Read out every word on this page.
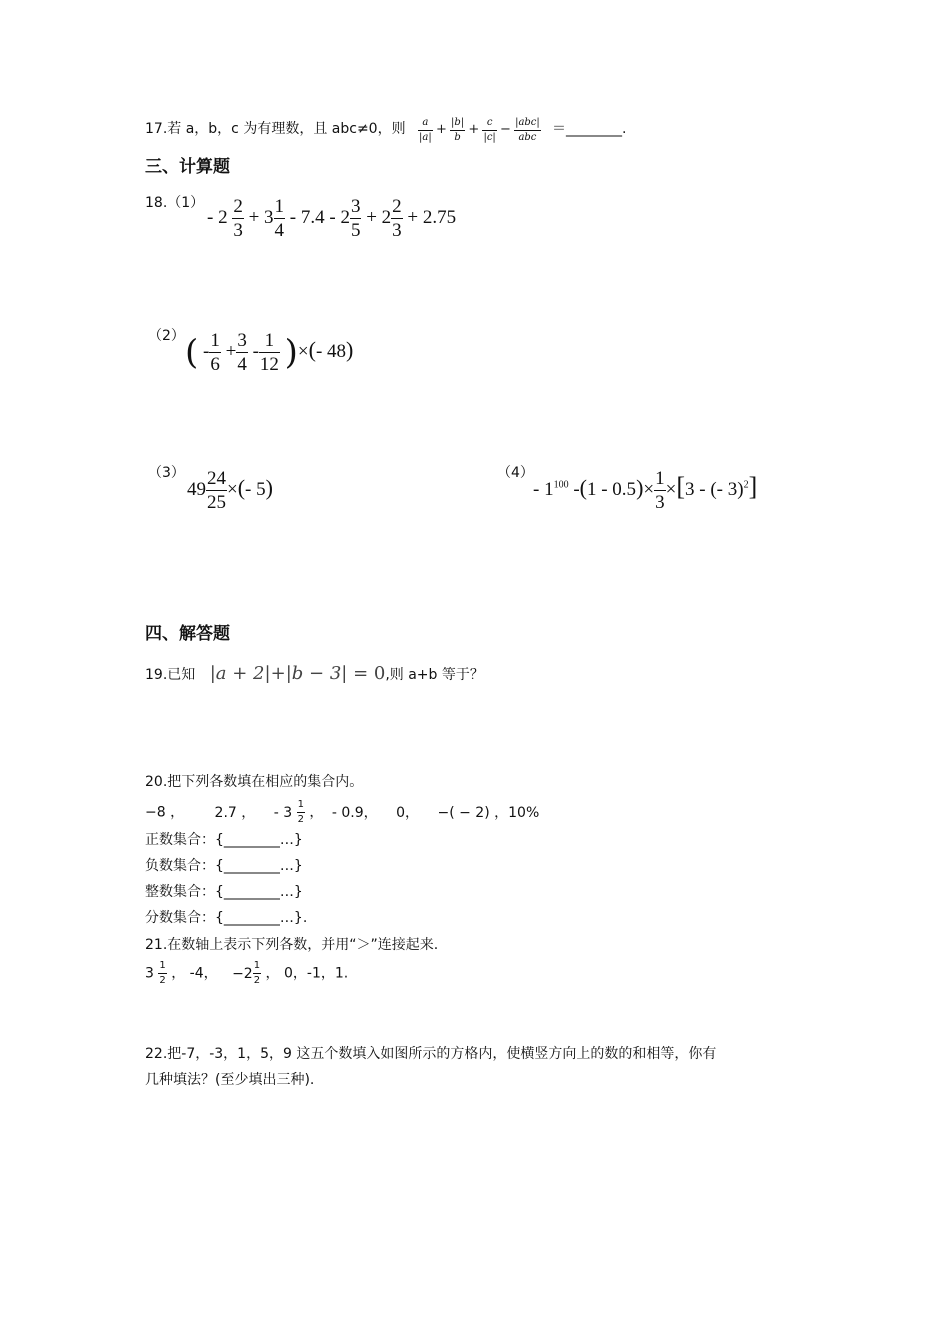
17.若 a，b，c 为有理数，且 abc≠0，则 $\frac{a}{|a|} + \frac{|b|}{b} + \frac{c}{|c|} - \frac{\text{|abc|}}{\text{abc}}$ ＝________.
三、计算题
18.（1）
- $2 \frac{2}{3} + 3 \frac{1}{4} - 7.4 - 2 \frac{3}{5} + 2 \frac{2}{3} + 2.75$
（2） ( - $\frac{1}{6} + \frac{3}{4} - \frac{1}{12}$ )×(- 48)
（3）
$49 \frac{24}{25}$ ×(- 5)
（4）
- $1^{100}$ $-(1 - 0.5)\times \frac{1}{3} \times[3$ - (- 3)$^2$]
四、解答题
19.已知 |a + 2|+|b − 3| = 0,则 a+b 等于？
20.把下列各数填在相应的集合内。
−8 ， 2.7 ， - $3 \frac{1}{2}$ ， - 0.9， 0， −( − 2) ，10%
正数集合：{________…}
负数集合：{________…}
整数集合：{________…}
分数集合：{________…}.
21.在数轴上表示下列各数，并用“＞”连接起来.
$3 \frac{1}{2}$ ， -4， $-2 \frac{1}{2}$ ， 0，-1，1.
22.把-7，-3，1，5，9 这五个数填入如图所示的方格内，使横竖方向上的数的和相等，你有
几种填法？(至少填出三种).
